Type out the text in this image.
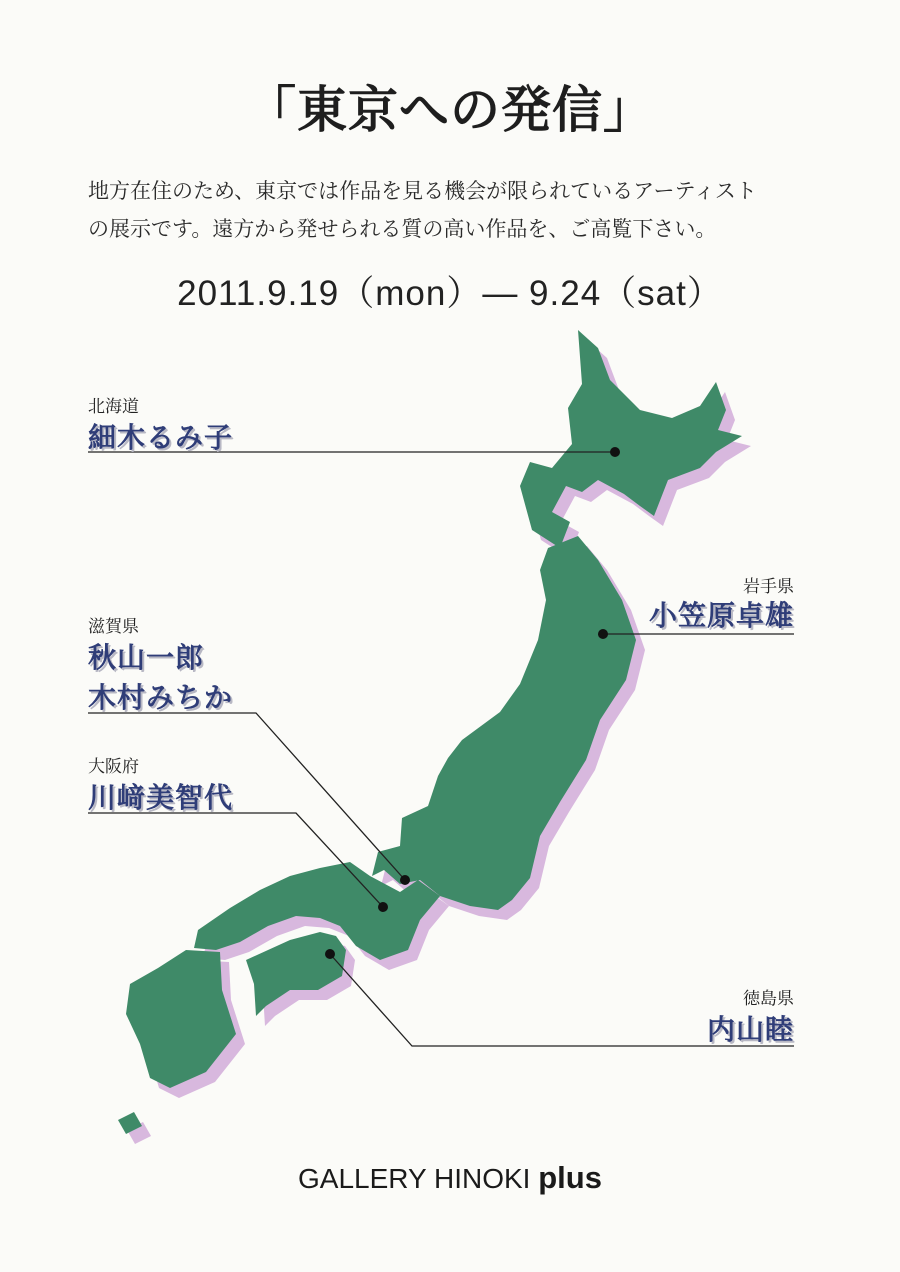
「東京への発信」
地方在住のため、東京では作品を見る機会が限られているアーティスト
の展示です。遠方から発せられる質の高い作品を、ご高覧下さい。
2011.9.19（mon）— 9.24（sat）
北海道
細木るみ子
岩手県
小笠原卓雄
滋賀県
秋山一郎
木村みちか
大阪府
川﨑美智代
徳島県
内山睦
GALLERY HINOKI plus
